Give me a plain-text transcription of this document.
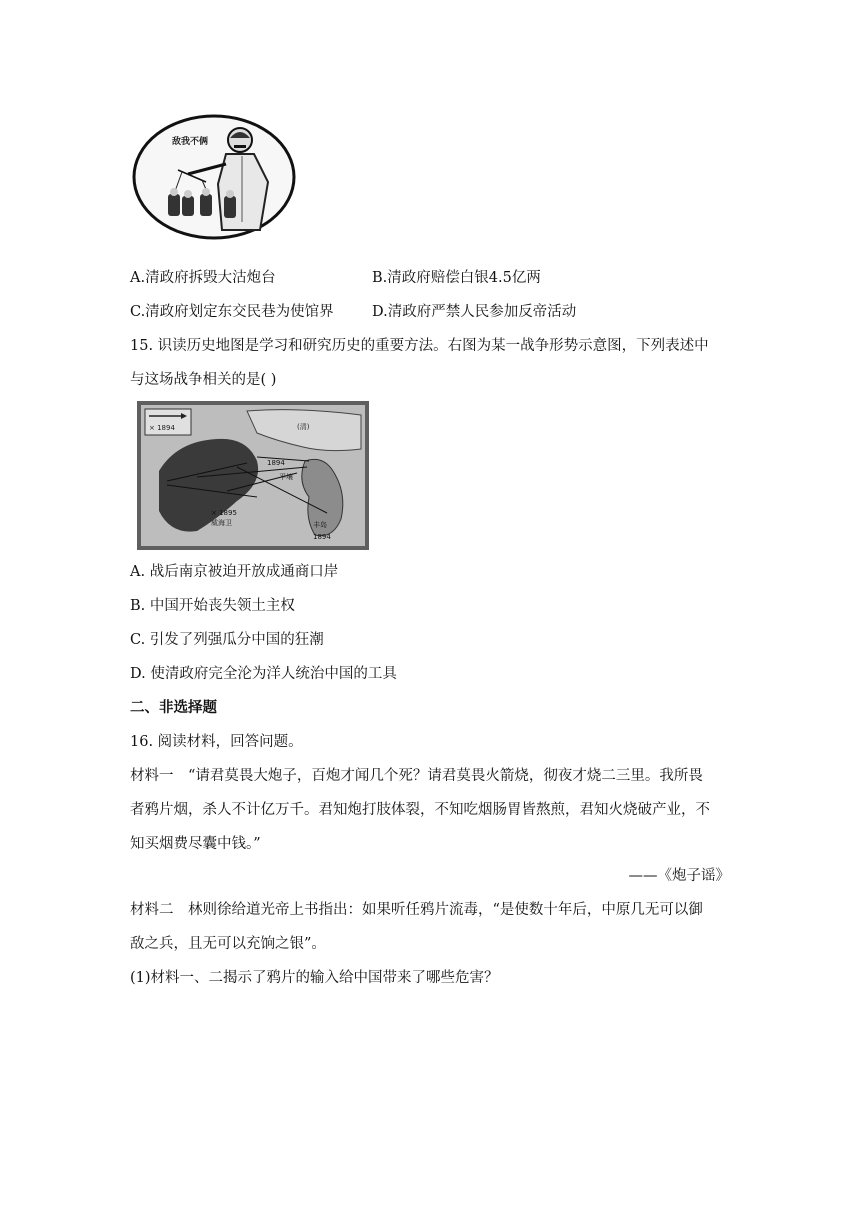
敌我不俩
A.清政府拆毁大沽炮台	B.清政府赔偿白银4.5亿两
C.清政府划定东交民巷为使馆界	D.清政府严禁人民参加反帝活动
15. 识读历史地图是学习和研究历史的重要方法。右图为某一战争形势示意图，下列表述中
与这场战争相关的是( )
× 1894	(清)
1894
平壤
× 1895
威海卫	丰岛
1894
A. 战后南京被迫开放成通商口岸
B. 中国开始丧失领土主权
C. 引发了列强瓜分中国的狂潮
D. 使清政府完全沦为洋人统治中国的工具
二、非选择题
16. 阅读材料，回答问题。
材料一　“请君莫畏大炮子，百炮才闻几个死？请君莫畏火箭烧，彻夜才烧二三里。我所畏
者鸦片烟，杀人不计亿万千。君知炮打肢体裂，不知吃烟肠胃皆熬煎，君知火烧破产业，不
知买烟费尽囊中钱。”
——《炮子谣》
材料二　林则徐给道光帝上书指出：如果听任鸦片流毒，“是使数十年后，中原几无可以御
敌之兵，且无可以充饷之银”。
(1)材料一、二揭示了鸦片的输入给中国带来了哪些危害？
